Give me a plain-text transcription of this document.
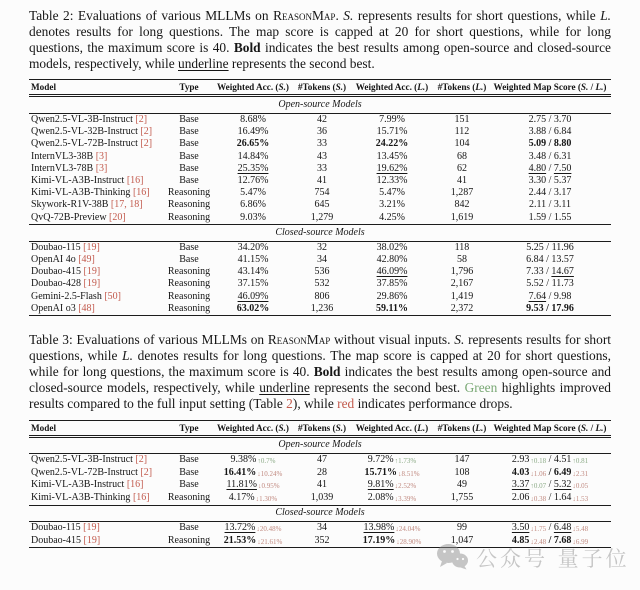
Table 2: Evaluations of various MLLMs on ReasonMap. S. represents results for short questions, while L. denotes results for long questions. The map score is capped at 20 for short questions, while for long questions, the maximum score is 40. Bold indicates the best results among open-source and closed-source models, respectively, while underline represents the second best.

Model	Type	Weighted Acc. (S.)	#Tokens (S.)	Weighted Acc. (L.)	#Tokens (L.)	Weighted Map Score (S. / L.)
Open-source Models						
Qwen2.5-VL-3B-Instruct [2]	Base	8.68%	42	7.99%	151	2.75 / 3.70
Qwen2.5-VL-32B-Instruct [2]	Base	16.49%	36	15.71%	112	3.88 / 6.84
Qwen2.5-VL-72B-Instruct [2]	Base	26.65%	33	24.22%	104	5.09 / 8.80
InternVL3-38B [3]	Base	14.84%	43	13.45%	68	3.48 / 6.31
InternVL3-78B [3]	Base	25.35%	33	19.62%	62	4.80 / 7.50
Kimi-VL-A3B-Instruct [16]	Base	12.76%	41	12.33%	41	3.30 / 5.37
Kimi-VL-A3B-Thinking [16]	Reasoning	5.47%	754	5.47%	1,287	2.44 / 3.17
Skywork-R1V-38B [17, 18]	Reasoning	6.86%	645	3.21%	842	2.11 / 3.11
QvQ-72B-Preview [20]	Reasoning	9.03%	1,279	4.25%	1,619	1.59 / 1.55
Closed-source Models						
Doubao-115 [19]	Base	34.20%	32	38.02%	118	5.25 / 11.96
OpenAI 4o [49]	Base	41.15%	34	42.80%	58	6.84 / 13.57
Doubao-415 [19]	Reasoning	43.14%	536	46.09%	1,796	7.33 / 14.67
Doubao-428 [19]	Reasoning	37.15%	532	37.85%	2,167	5.52 / 11.73
Gemini-2.5-Flash [50]	Reasoning	46.09%	806	29.86%	1,419	7.64 / 9.98
OpenAI o3 [48]	Reasoning	63.02%	1,236	59.11%	2,372	9.53 / 17.96

Table 3: Evaluations of various MLLMs on ReasonMap without visual inputs. S. represents results for short questions, while L. denotes results for long questions. The map score is capped at 20 for short questions, while for long questions, the maximum score is 40. Bold indicates the best results among open-source and closed-source models, respectively, while underline represents the second best. Green highlights improved results compared to the full input setting (Table 2), while red indicates performance drops.

Model	Type	Weighted Acc. (S.)	#Tokens (S.)	Weighted Acc. (L.)	#Tokens (L.)	Weighted Map Score (S. / L.)
Open-source Models						
Qwen2.5-VL-3B-Instruct [2]	Base	9.38% ↑ 0.7%	47	9.72% ↑ 1.73%	147	2.93 ↑ 0.18 / 4.51 ↑ 0.81
Qwen2.5-VL-72B-Instruct [2]	Base	16.41% ↓ 10.24%	28	15.71% ↓ 8.51%	108	4.03 ↓ 1.06 / 6.49 ↓ 2.31
Kimi-VL-A3B-Instruct [16]	Base	11.81% ↓ 0.95%	41	9.81% ↓ 2.52%	49	3.37 ↑ 0.07 / 5.32 ↓ 0.05
Kimi-VL-A3B-Thinking [16]	Reasoning	4.17% ↓ 1.30%	1,039	2.08% ↓ 3.39%	1,755	2.06 ↓ 0.38 / 1.64 ↓ 1.53
Closed-source Models						
Doubao-115 [19]	Base	13.72% ↓ 20.48%	34	13.98% ↓ 24.04%	99	3.50 ↓ 1.75 / 6.48 ↓ 5.48
Doubao-415 [19]	Reasoning	21.53% ↓ 21.61%	352	17.19% ↓ 28.90%	1,047	4.85 ↓ 2.48 / 7.68 ↓ 6.99
公众号 量子位
